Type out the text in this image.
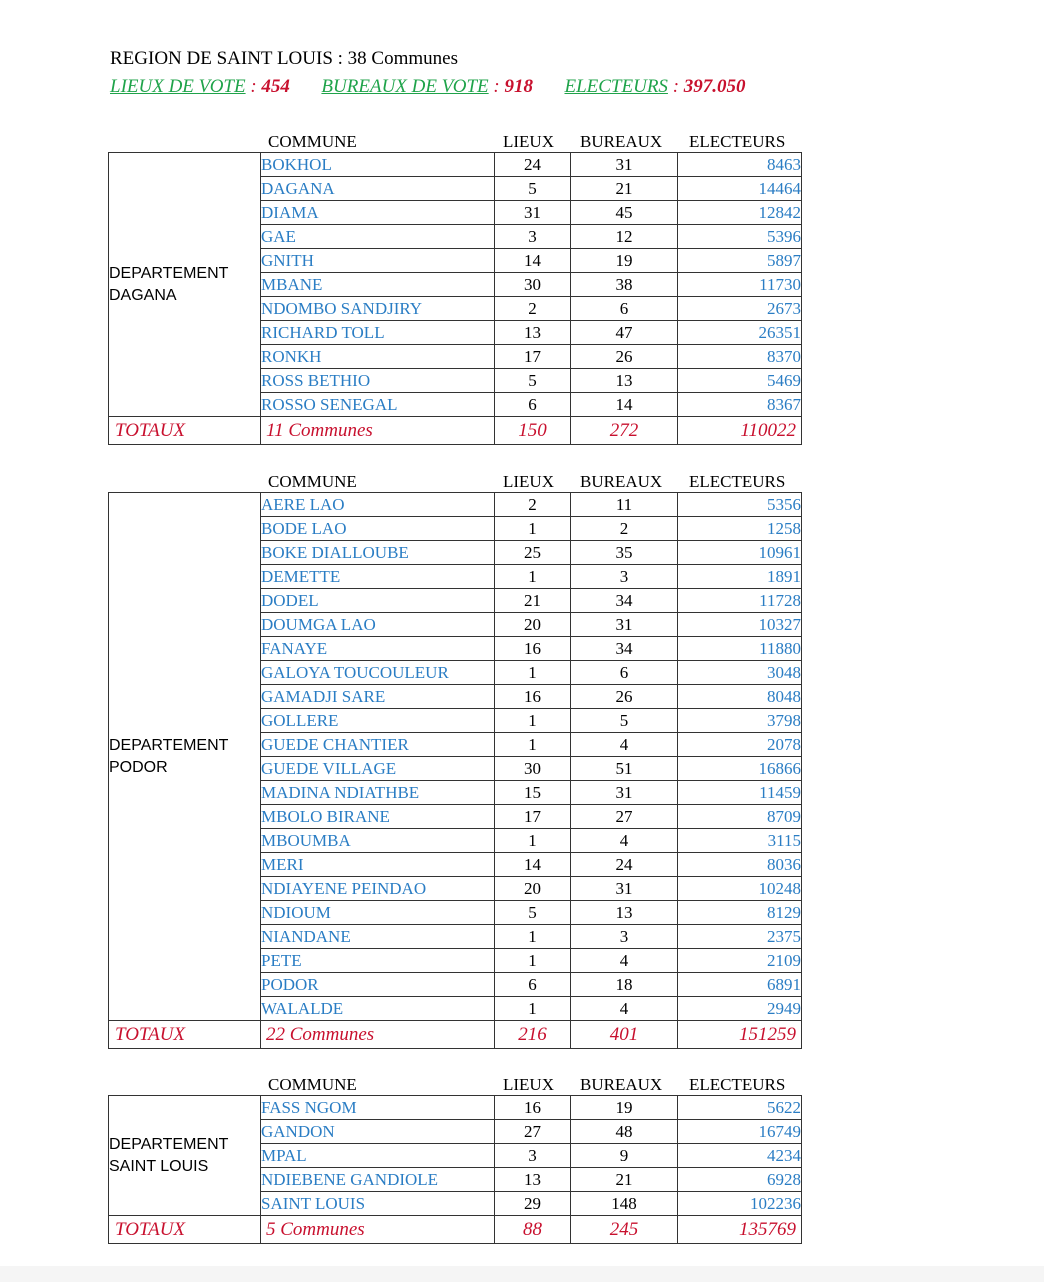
REGION DE SAINT LOUIS : 38 Communes
LIEUX DE VOTE : 454 BUREAUX DE VOTE : 918 ELECTEURS : 397.050
COMMUNE	LIEUX BUREAUX ELECTEURS
DEPARTEMENT
DAGANA	BOKHOL	24	31	8463
	DAGANA	5	21	14464
	DIAMA	31	45	12842
	GAE	3	12	5396
	GNITH	14	19	5897
	MBANE	30	38	11730
	NDOMBO SANDJIRY	2	6	2673
	RICHARD TOLL	13	47	26351
	RONKH	17	26	8370
	ROSS BETHIO	5	13	5469
	ROSSO SENEGAL	6	14	8367
TOTAUX	11 Communes	150	272	110022
COMMUNE	LIEUX BUREAUX ELECTEURS
DEPARTEMENT
PODOR	AERE LAO	2	11	5356
	BODE LAO	1	2	1258
	BOKE DIALLOUBE	25	35	10961
	DEMETTE	1	3	1891
	DODEL	21	34	11728
	DOUMGA LAO	20	31	10327
	FANAYE	16	34	11880
	GALOYA TOUCOULEUR	1	6	3048
	GAMADJI SARE	16	26	8048
	GOLLERE	1	5	3798
	GUEDE CHANTIER	1	4	2078
	GUEDE VILLAGE	30	51	16866
	MADINA NDIATHBE	15	31	11459
	MBOLO BIRANE	17	27	8709
	MBOUMBA	1	4	3115
	MERI	14	24	8036
	NDIAYENE PEINDAO	20	31	10248
	NDIOUM	5	13	8129
	NIANDANE	1	3	2375
	PETE	1	4	2109
	PODOR	6	18	6891
	WALALDE	1	4	2949
TOTAUX	22 Communes	216	401	151259
COMMUNE	LIEUX BUREAUX ELECTEURS
DEPARTEMENT
SAINT LOUIS	FASS NGOM	16	19	5622
	GANDON	27	48	16749
	MPAL	3	9	4234
	NDIEBENE GANDIOLE	13	21	6928
	SAINT LOUIS	29	148	102236
TOTAUX	5 Communes	88	245	135769
